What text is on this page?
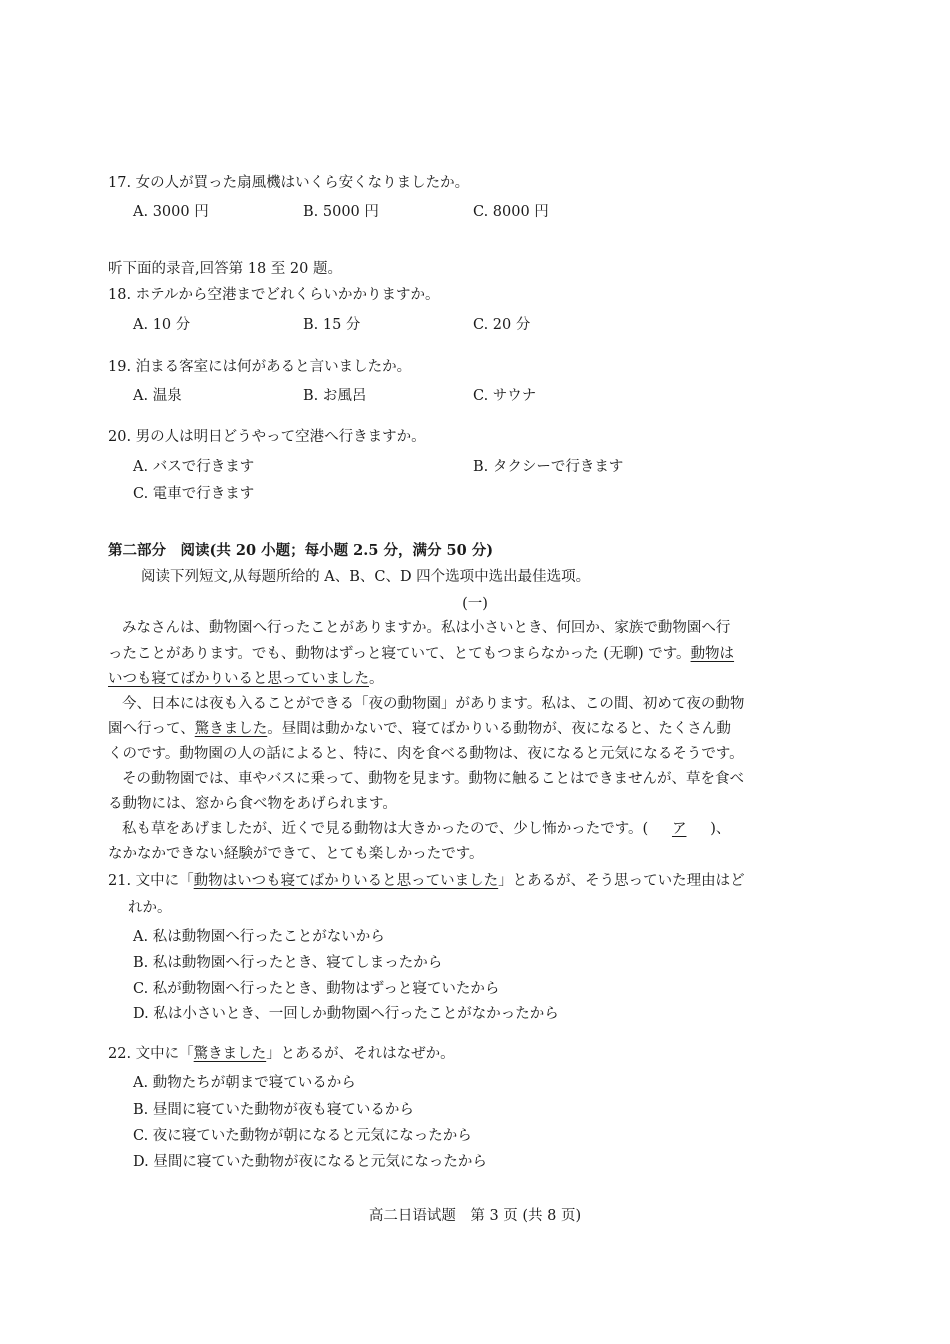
17. 女の人が買った扇風機はいくら安くなりましたか。
A. 3000 円	B. 5000 円	C. 8000 円
听下面的录音,回答第 18 至 20 题。
18. ホテルから空港までどれくらいかかりますか。
A. 10 分	B. 15 分	C. 20 分
19. 泊まる客室には何があると言いましたか。
A. 温泉	B. お風呂	C. サウナ
20. 男の人は明日どうやって空港へ行きますか。
A. バスで行きます	B. タクシーで行きます
C. 電車で行きます
第二部分　阅读(共 20 小题；每小题 2.5 分，满分 50 分)
阅读下列短文,从每题所给的 A、B、C、D 四个选项中选出最佳选项。
(一)
みなさんは、動物園へ行ったことがありますか。私は小さいとき、何回か、家族で動物園へ行
ったことがあります。でも、動物はずっと寝ていて、とてもつまらなかった (无聊) です。動物は
いつも寝てばかりいると思っていました。
今、日本には夜も入ることができる「夜の動物園」があります。私は、この間、初めて夜の動物
園へ行って、驚きました。昼間は動かないで、寝てばかりいる動物が、夜になると、たくさん動
くのです。動物園の人の話によると、特に、肉を食べる動物は、夜になると元気になるそうです。
その動物園では、車やバスに乗って、動物を見ます。動物に触ることはできませんが、草を食べ
る動物には、窓から食べ物をあげられます。
私も草をあげましたが、近くで見る動物は大きかったので、少し怖かったです。( ア )、
なかなかできない経験ができて、とても楽しかったです。
21. 文中に「動物はいつも寝てばかりいると思っていました」とあるが、そう思っていた理由はど
れか。
A. 私は動物園へ行ったことがないから
B. 私は動物園へ行ったとき、寝てしまったから
C. 私が動物園へ行ったとき、動物はずっと寝ていたから
D. 私は小さいとき、一回しか動物園へ行ったことがなかったから
22. 文中に「驚きました」とあるが、それはなぜか。
A. 動物たちが朝まで寝ているから
B. 昼間に寝ていた動物が夜も寝ているから
C. 夜に寝ていた動物が朝になると元気になったから
D. 昼間に寝ていた動物が夜になると元気になったから
高二日语试题　第 3 页 (共 8 页)
